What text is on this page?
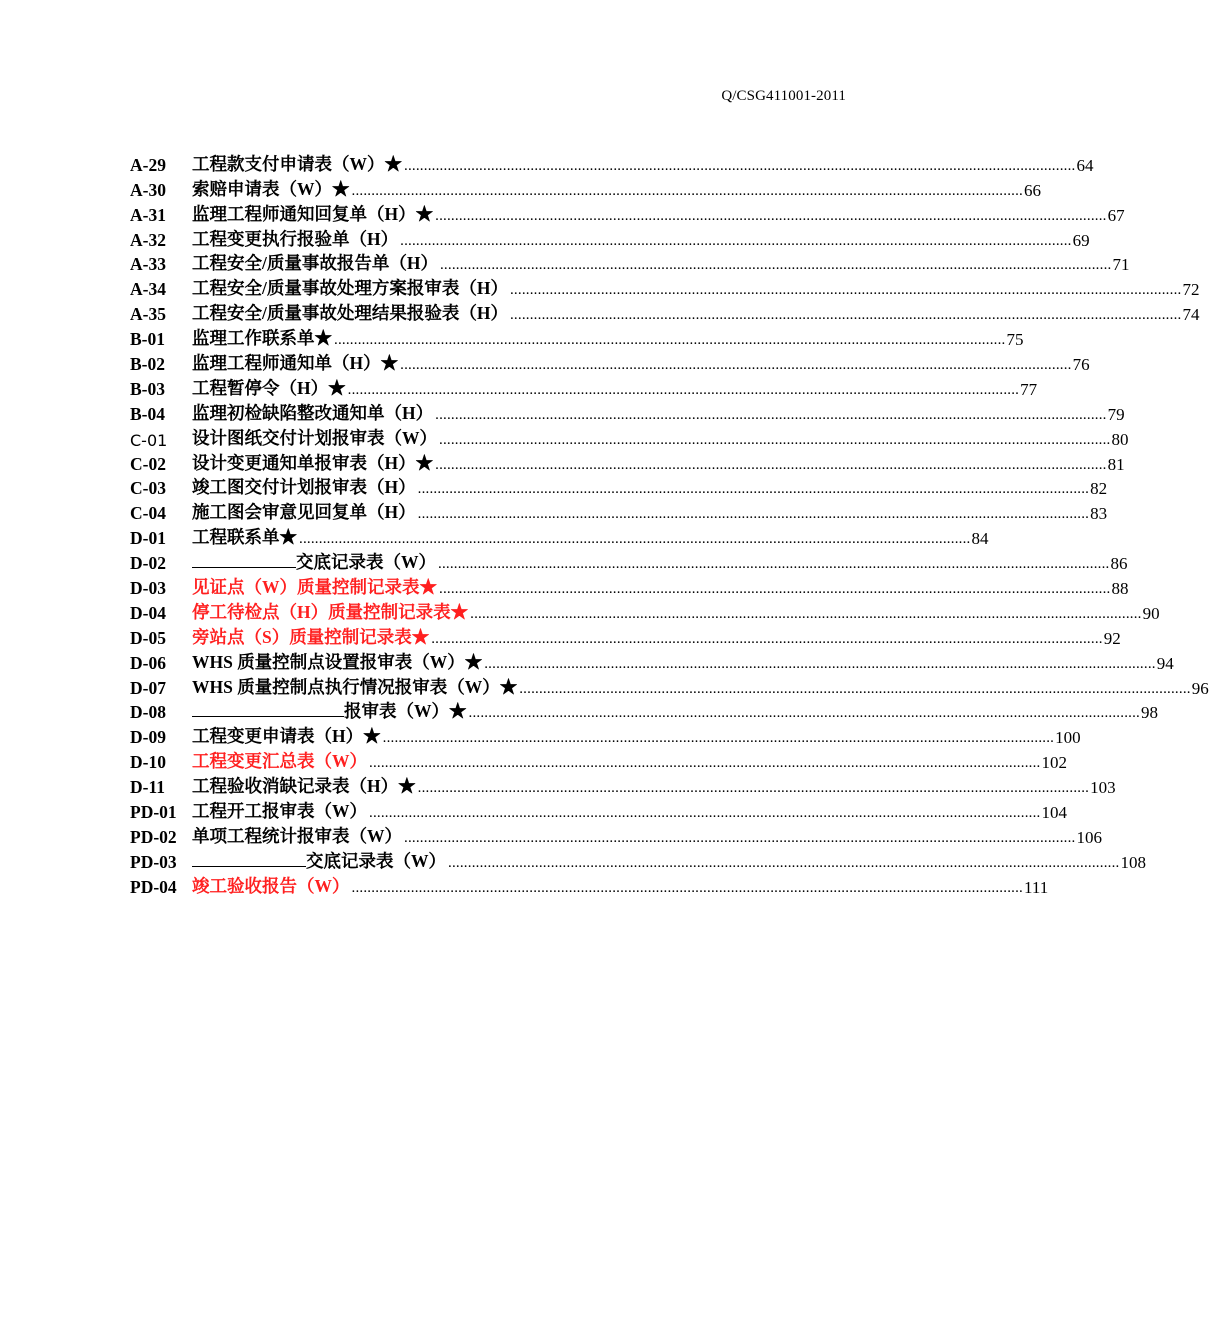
Q/CSG411001-2011
A-29	工程款支付申请表（W）★ .......................................................................................................................................................................... 64
A-30	索赔申请表（W）★ .......................................................................................................................................................................... 66
A-31	监理工程师通知回复单（H）★ .......................................................................................................................................................................... 67
A-32	工程变更执行报验单（H） .......................................................................................................................................................................... 69
A-33	工程安全/质量事故报告单（H） .......................................................................................................................................................................... 71
A-34	工程安全/质量事故处理方案报审表（H） .......................................................................................................................................................................... 72
A-35	工程安全/质量事故处理结果报验表（H） .......................................................................................................................................................................... 74
B-01	监理工作联系单★ .......................................................................................................................................................................... 75
B-02	监理工程师通知单（H）★ .......................................................................................................................................................................... 76
B-03	工程暂停令（H）★ .......................................................................................................................................................................... 77
B-04	监理初检缺陷整改通知单（H） .......................................................................................................................................................................... 79
C-01	设计图纸交付计划报审表（W） .......................................................................................................................................................................... 80
C-02	设计变更通知单报审表（H）★ .......................................................................................................................................................................... 81
C-03	竣工图交付计划报审表（H） .......................................................................................................................................................................... 82
C-04	施工图会审意见回复单（H） .......................................................................................................................................................................... 83
D-01	工程联系单★ .......................................................................................................................................................................... 84
D-02	交底记录表（W） .......................................................................................................................................................................... 86
D-03	见证点（W）质量控制记录表★ .......................................................................................................................................................................... 88
D-04	停工待检点（H）质量控制记录表★ .......................................................................................................................................................................... 90
D-05	旁站点（S）质量控制记录表★ .......................................................................................................................................................................... 92
D-06	WHS 质量控制点设置报审表（W）★ .......................................................................................................................................................................... 94
D-07	WHS 质量控制点执行情况报审表（W）★ .......................................................................................................................................................................... 96
D-08	报审表（W）★ .......................................................................................................................................................................... 98
D-09	工程变更申请表（H）★ .......................................................................................................................................................................... 100
D-10	工程变更汇总表（W） .......................................................................................................................................................................... 102
D-11	工程验收消缺记录表（H）★ .......................................................................................................................................................................... 103
PD-01 工程开工报审表（W） .......................................................................................................................................................................... 104
PD-02 单项工程统计报审表（W） .......................................................................................................................................................................... 106
PD-03	交底记录表（W） .......................................................................................................................................................................... 108
PD-04 竣工验收报告（W） .......................................................................................................................................................................... 111
